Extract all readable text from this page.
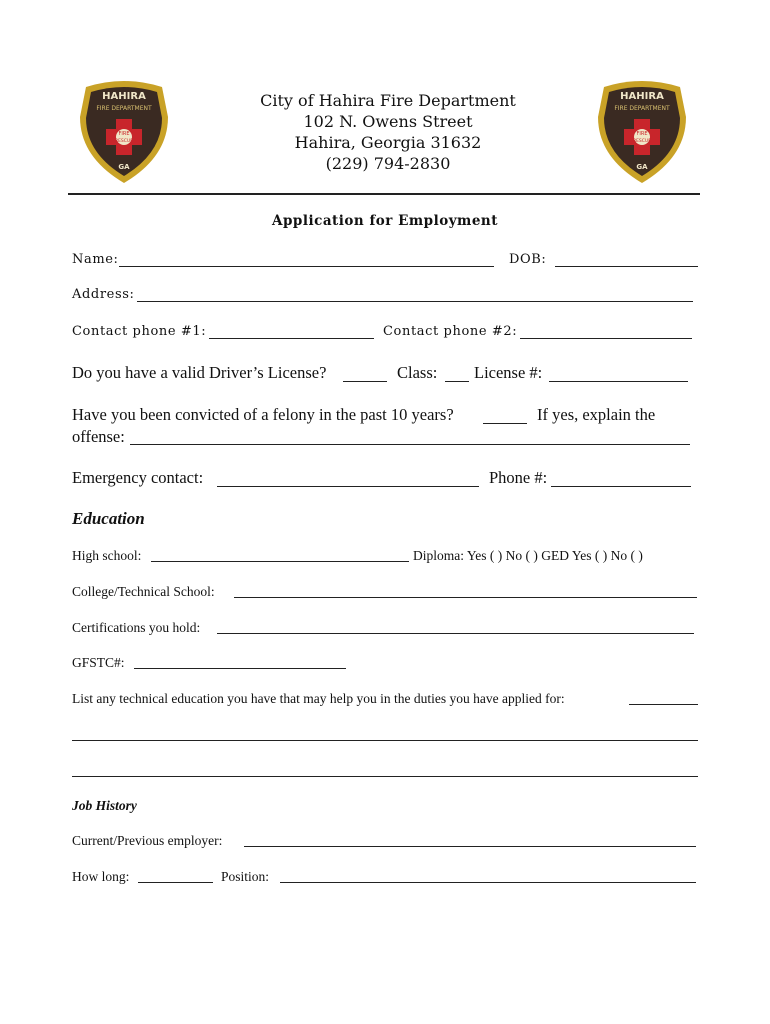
HAHIRA
FIRE DEPARTMENT
FIRE
RESCUE
GA
HAHIRA
FIRE DEPARTMENT
FIRE
RESCUE
GA
City of Hahira Fire Department
102 N. Owens Street
Hahira, Georgia 31632
(229) 794-2830
Application for Employment
Name:	DOB:
Address:
Contact phone #1:	Contact phone #2:
Do you have a valid Driver’s License?	Class: License #:
Have you been convicted of a felony in the past 10 years?	If yes, explain the
offense:
Emergency contact:	Phone #:
Education
High school:	Diploma: Yes ( ) No ( ) GED Yes ( ) No ( )
College/Technical School:
Certifications you hold:
GFSTC#:
List any technical education you have that may help you in the duties you have applied for:
Job History
Current/Previous employer:
How long:	Position:
